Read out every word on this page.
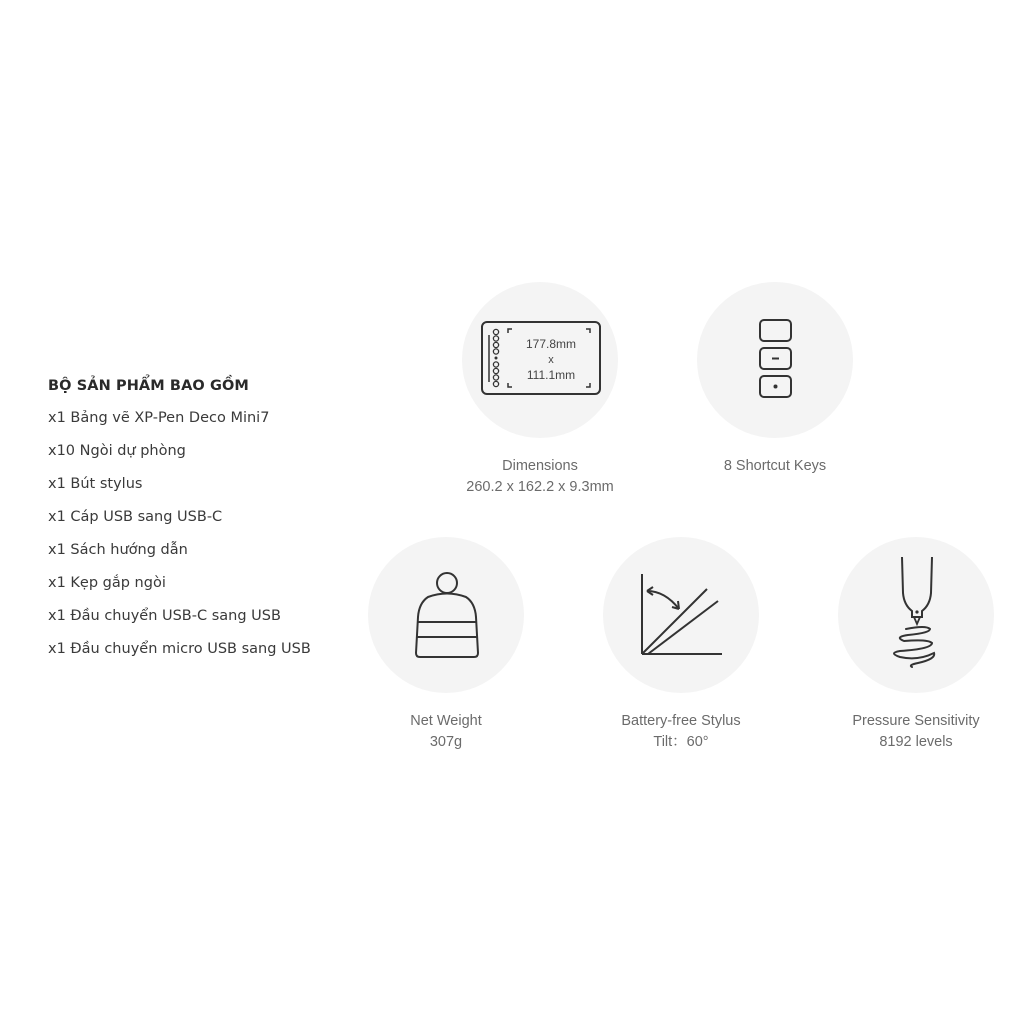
BỘ SẢN PHẨM BAO GỒM
x1 Bảng vẽ XP-Pen Deco Mini7
x10 Ngòi dự phòng
x1 Bút stylus
x1 Cáp USB sang USB-C
x1 Sách hướng dẫn
x1 Kẹp gắp ngòi
x1 Đầu chuyển USB-C sang USB
x1 Đầu chuyển micro USB sang USB
177.8mm
x
111.1mm
Dimensions
260.2 x 162.2 x 9.3mm
8 Shortcut Keys
Net Weight
307g
Battery-free Stylus
Tilt：60°
Pressure Sensitivity
8192 levels
